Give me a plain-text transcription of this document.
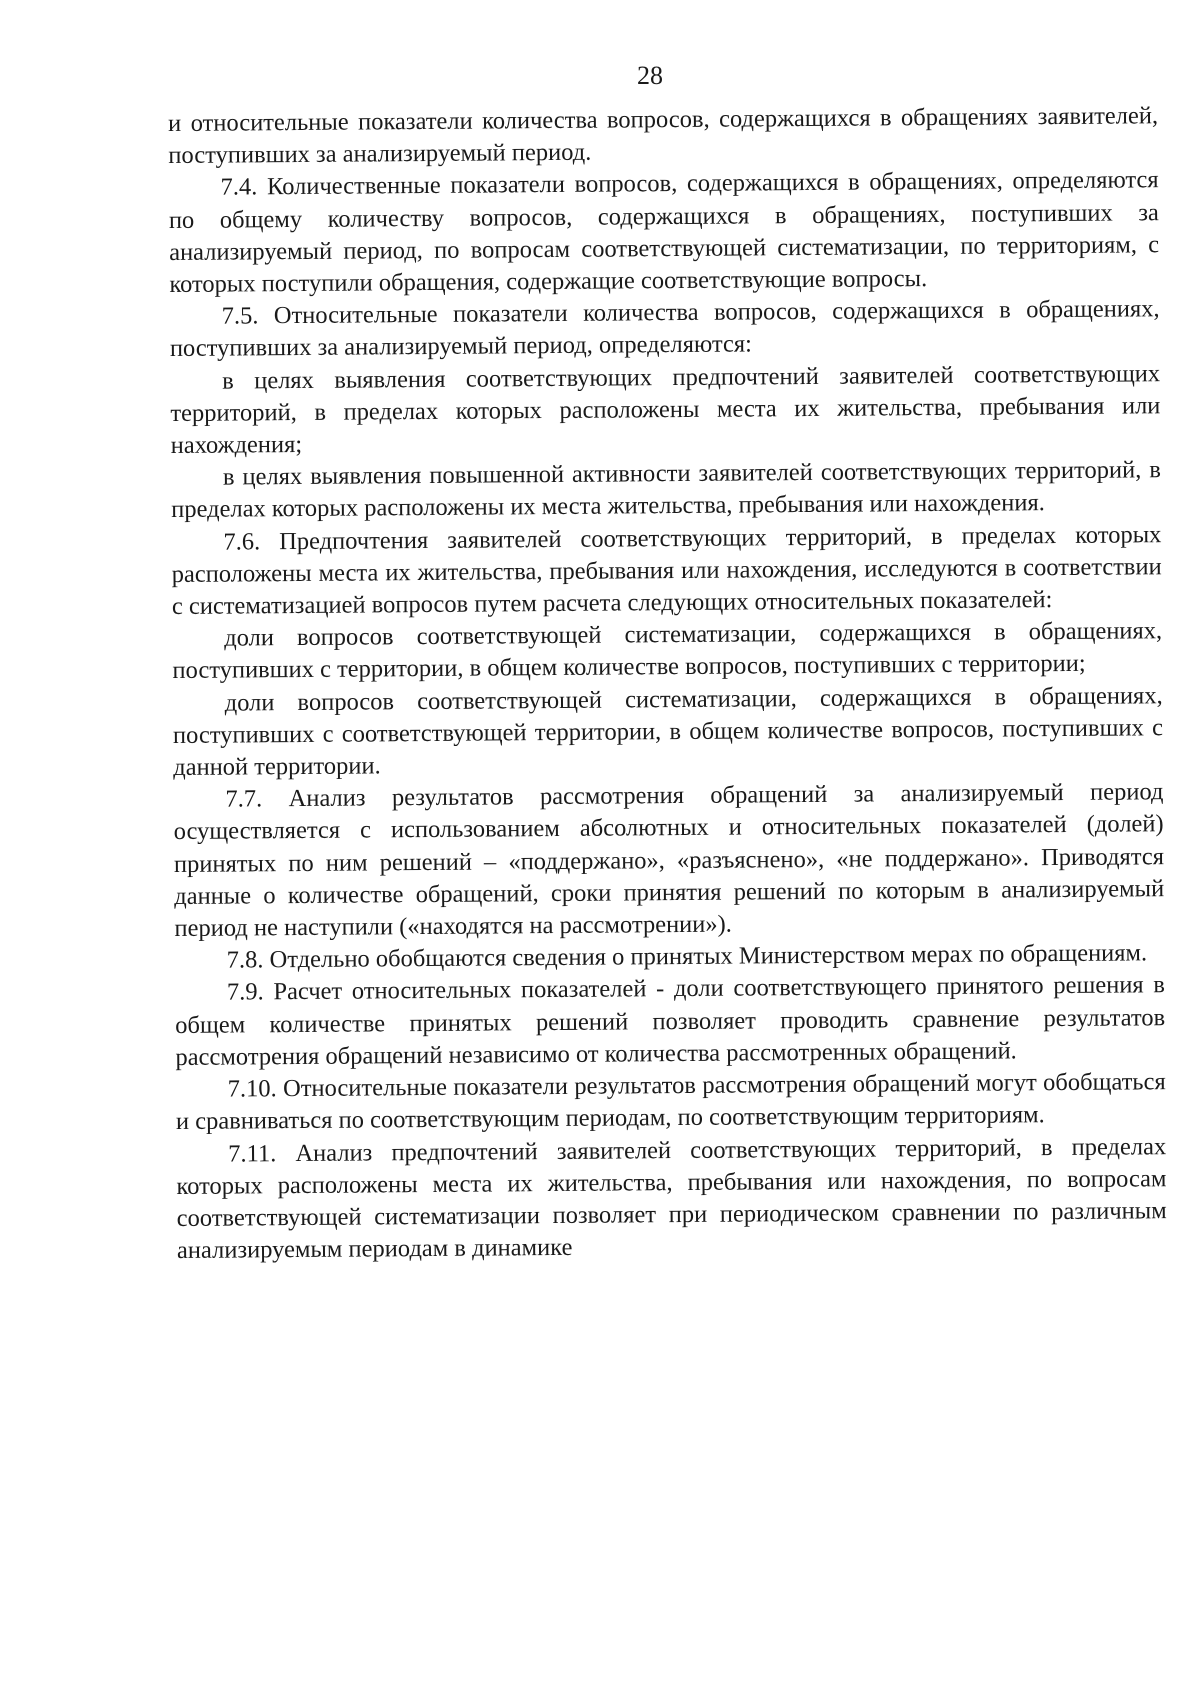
28

и относительные показатели количества вопросов, содержащихся в обращениях заявителей, поступивших за анализируемый период.

7.4. Количественные показатели вопросов, содержащихся в обращениях, определяются по общему количеству вопросов, содержащихся в обращениях, поступивших за анализируемый период, по вопросам соответствующей систематизации, по территориям, с которых поступили обращения, содержащие соответствующие вопросы.

7.5. Относительные показатели количества вопросов, содержащихся в обращениях, поступивших за анализируемый период, определяются:

в целях выявления соответствующих предпочтений заявителей соответствующих территорий, в пределах которых расположены места их жительства, пребывания или нахождения;

в целях выявления повышенной активности заявителей соответствующих территорий, в пределах которых расположены их места жительства, пребывания или нахождения.

7.6. Предпочтения заявителей соответствующих территорий, в пределах которых расположены места их жительства, пребывания или нахождения, исследуются в соответствии с систематизацией вопросов путем расчета следующих относительных показателей:

доли вопросов соответствующей систематизации, содержащихся в обращениях, поступивших с территории, в общем количестве вопросов, поступивших с территории;

доли вопросов соответствующей систематизации, содержащихся в обращениях, поступивших с соответствующей территории, в общем количестве вопросов, поступивших с данной территории.

7.7. Анализ результатов рассмотрения обращений за анализируемый период осуществляется с использованием абсолютных и относительных показателей (долей) принятых по ним решений – «поддержано», «разъяснено», «не поддержано». Приводятся данные о количестве обращений, сроки принятия решений по которым в анализируемый период не наступили («находятся на рассмотрении»).

7.8. Отдельно обобщаются сведения о принятых Министерством мерах по обращениям.

7.9. Расчет относительных показателей - доли соответствующего принятого решения в общем количестве принятых решений позволяет проводить сравнение результатов рассмотрения обращений независимо от количества рассмотренных обращений.

7.10. Относительные показатели результатов рассмотрения обращений могут обобщаться и сравниваться по соответствующим периодам, по соответствующим территориям.

7.11. Анализ предпочтений заявителей соответствующих территорий, в пределах которых расположены места их жительства, пребывания или нахождения, по вопросам соответствующей систематизации позволяет при периодическом сравнении по различным анализируемым периодам в динамике
